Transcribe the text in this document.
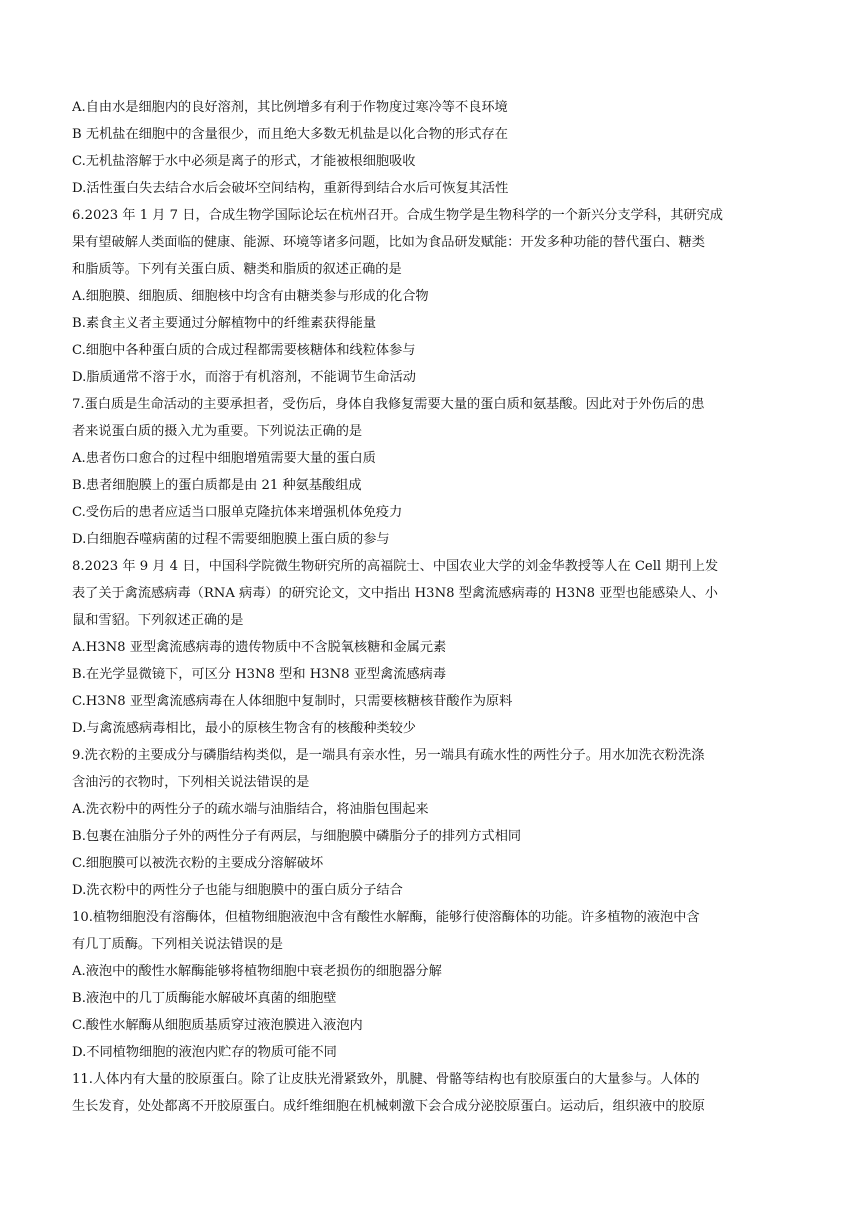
A.自由水是细胞内的良好溶剂，其比例增多有利于作物度过寒冷等不良环境
B 无机盐在细胞中的含量很少，而且绝大多数无机盐是以化合物的形式存在
C.无机盐溶解于水中必须是离子的形式，才能被根细胞吸收
D.活性蛋白失去结合水后会破坏空间结构，重新得到结合水后可恢复其活性
6.2023 年 1 月 7 日，合成生物学国际论坛在杭州召开。合成生物学是生物科学的一个新兴分支学科，其研究成
果有望破解人类面临的健康、能源、环境等诸多问题，比如为食品研发赋能：开发多种功能的替代蛋白、糖类
和脂质等。下列有关蛋白质、糖类和脂质的叙述正确的是
A.细胞膜、细胞质、细胞核中均含有由糖类参与形成的化合物
B.素食主义者主要通过分解植物中的纤维素获得能量
C.细胞中各种蛋白质的合成过程都需要核糖体和线粒体参与
D.脂质通常不溶于水，而溶于有机溶剂，不能调节生命活动
7.蛋白质是生命活动的主要承担者，受伤后，身体自我修复需要大量的蛋白质和氨基酸。因此对于外伤后的患
者来说蛋白质的摄入尤为重要。下列说法正确的是
A.患者伤口愈合的过程中细胞增殖需要大量的蛋白质
B.患者细胞膜上的蛋白质都是由 21 种氨基酸组成
C.受伤后的患者应适当口服单克隆抗体来增强机体免疫力
D.白细胞吞噬病菌的过程不需要细胞膜上蛋白质的参与
8.2023 年 9 月 4 日，中国科学院微生物研究所的高福院士、中国农业大学的刘金华教授等人在 Cell 期刊上发
表了关于禽流感病毒（RNA 病毒）的研究论文，文中指出 H3N8 型禽流感病毒的 H3N8 亚型也能感染人、小
鼠和雪貂。下列叙述正确的是
A.H3N8 亚型禽流感病毒的遗传物质中不含脱氧核糖和金属元素
B.在光学显微镜下，可区分 H3N8 型和 H3N8 亚型禽流感病毒
C.H3N8 亚型禽流感病毒在人体细胞中复制时，只需要核糖核苷酸作为原料
D.与禽流感病毒相比，最小的原核生物含有的核酸种类较少
9.洗衣粉的主要成分与磷脂结构类似，是一端具有亲水性，另一端具有疏水性的两性分子。用水加洗衣粉洗涤
含油污的衣物时，下列相关说法错误的是
A.洗衣粉中的两性分子的疏水端与油脂结合，将油脂包围起来
B.包裹在油脂分子外的两性分子有两层，与细胞膜中磷脂分子的排列方式相同
C.细胞膜可以被洗衣粉的主要成分溶解破坏
D.洗衣粉中的两性分子也能与细胞膜中的蛋白质分子结合
10.植物细胞没有溶酶体，但植物细胞液泡中含有酸性水解酶，能够行使溶酶体的功能。许多植物的液泡中含
有几丁质酶。下列相关说法错误的是
A.液泡中的酸性水解酶能够将植物细胞中衰老损伤的细胞器分解
B.液泡中的几丁质酶能水解破坏真菌的细胞壁
C.酸性水解酶从细胞质基质穿过液泡膜进入液泡内
D.不同植物细胞的液泡内贮存的物质可能不同
11.人体内有大量的胶原蛋白。除了让皮肤光滑紧致外，肌腱、骨骼等结构也有胶原蛋白的大量参与。人体的
生长发育，处处都离不开胶原蛋白。成纤维细胞在机械刺激下会合成分泌胶原蛋白。运动后，组织液中的胶原
